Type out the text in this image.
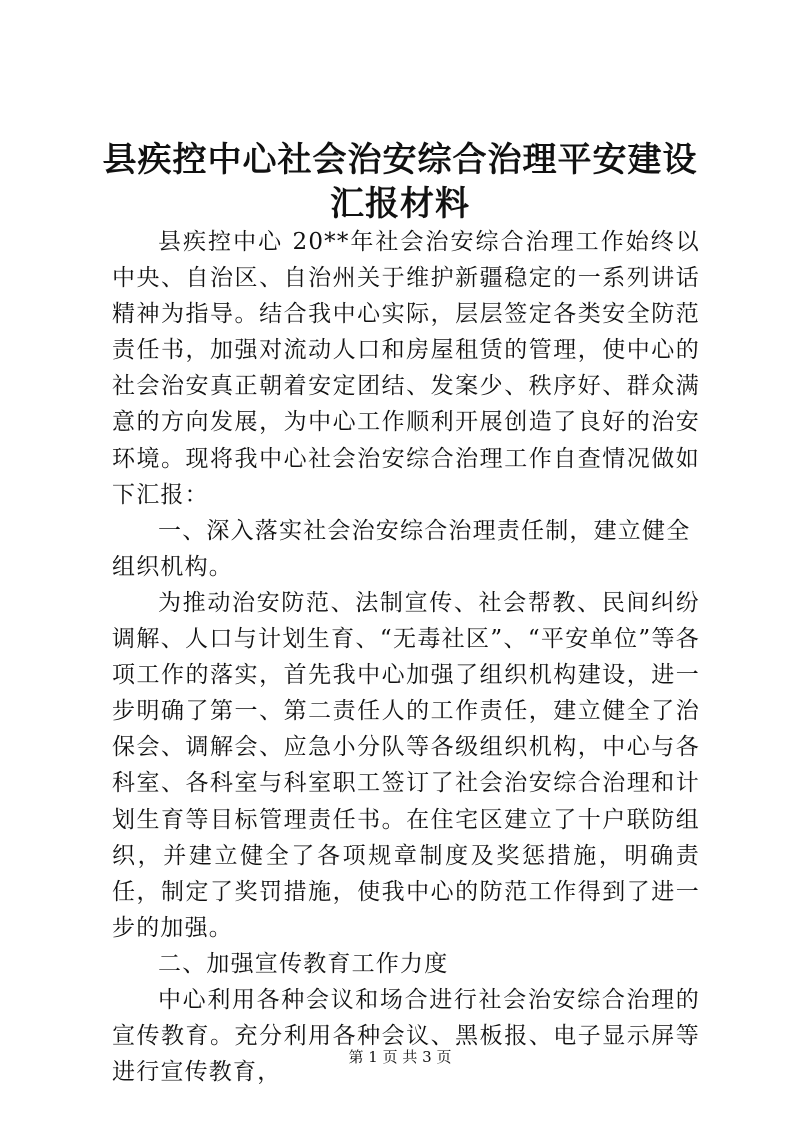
县疾控中心社会治安综合治理平安建设汇报材料

县疾控中心 20**年社会治安综合治理工作始终以中央、自治区、自治州关于维护新疆稳定的一系列讲话精神为指导。结合我中心实际，层层签定各类安全防范责任书，加强对流动人口和房屋租赁的管理，使中心的社会治安真正朝着安定团结、发案少、秩序好、群众满意的方向发展，为中心工作顺利开展创造了良好的治安环境。现将我中心社会治安综合治理工作自查情况做如下汇报：

一、深入落实社会治安综合治理责任制，建立健全组织机构。

为推动治安防范、法制宣传、社会帮教、民间纠纷调解、人口与计划生育、“无毒社区”、“平安单位”等各项工作的落实，首先我中心加强了组织机构建设，进一步明确了第一、第二责任人的工作责任，建立健全了治保会、调解会、应急小分队等各级组织机构，中心与各科室、各科室与科室职工签订了社会治安综合治理和计划生育等目标管理责任书。在住宅区建立了十户联防组织，并建立健全了各项规章制度及奖惩措施，明确责任，制定了奖罚措施，使我中心的防范工作得到了进一步的加强。

二、加强宣传教育工作力度

中心利用各种会议和场合进行社会治安综合治理的宣传教育。充分利用各种会议、黑板报、电子显示屏等进行宣传教育，

第 1 页 共 3 页
